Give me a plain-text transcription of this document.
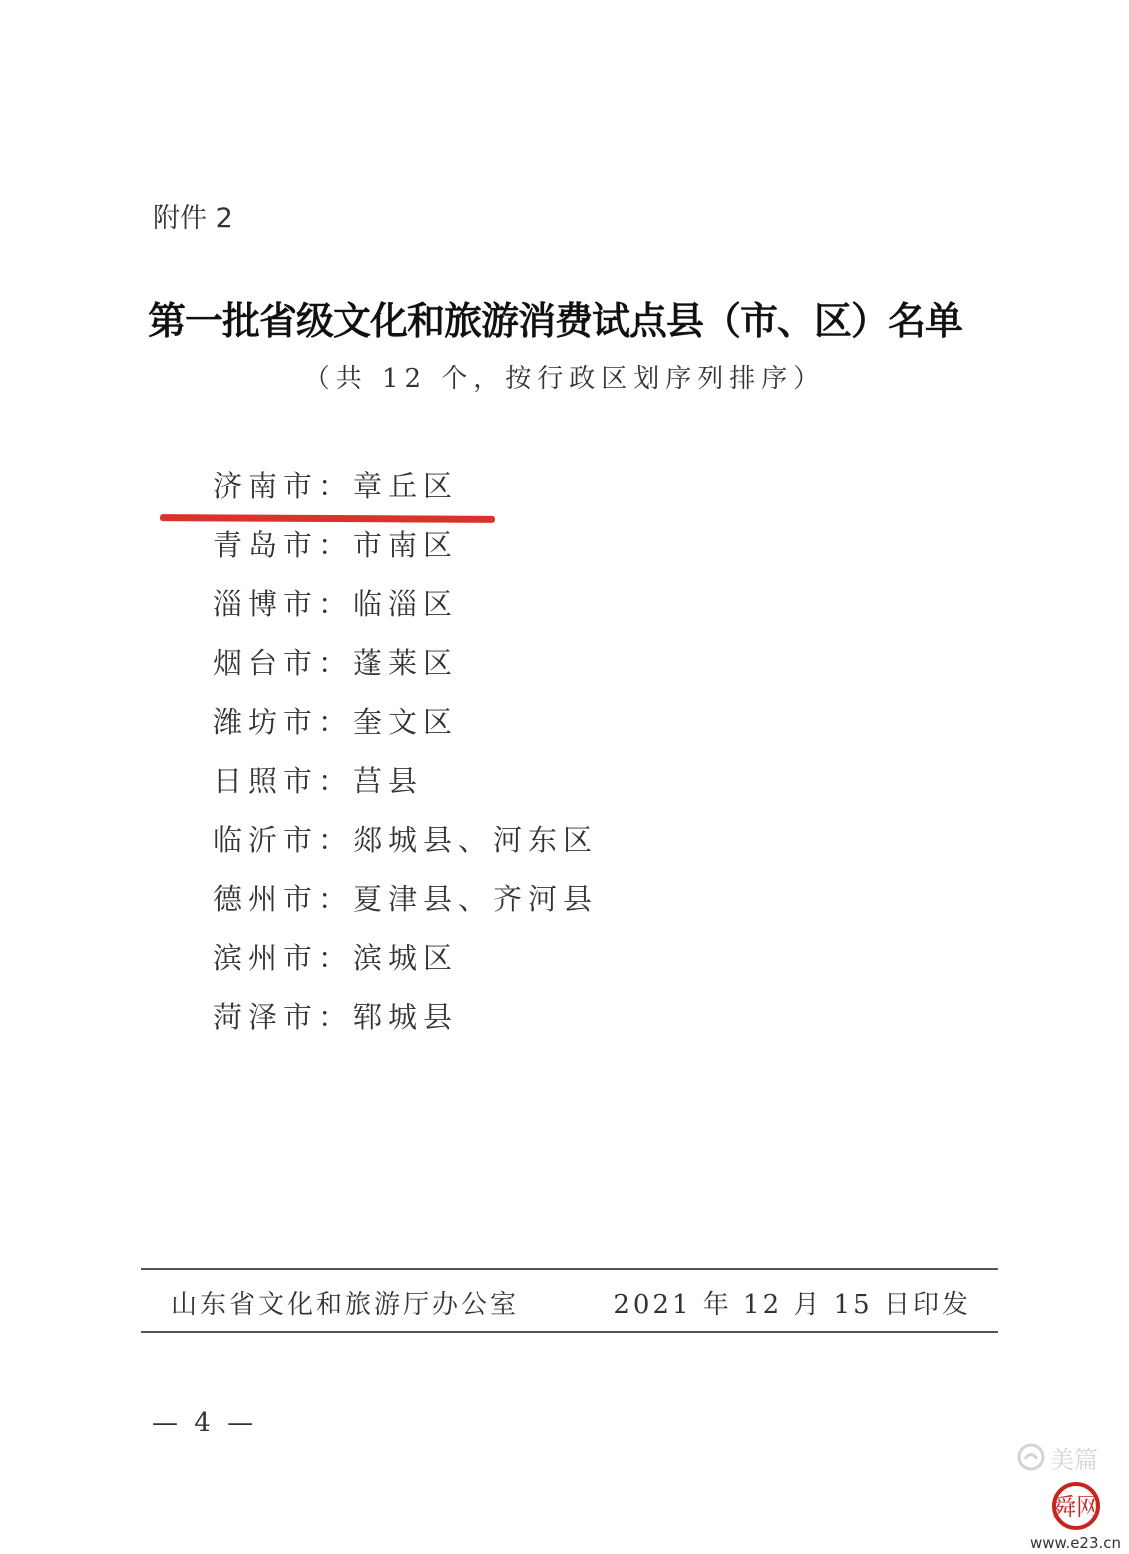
附件 2
第一批省级文化和旅游消费试点县（市、区）名单
（共 12 个，按行政区划序列排序）
济南市：章丘区
青岛市：市南区
淄博市：临淄区
烟台市：蓬莱区
潍坊市：奎文区
日照市：莒县
临沂市：郯城县、河东区
德州市：夏津县、齐河县
滨州市：滨城区
菏泽市：郓城县
山东省文化和旅游厅办公室	2021 年 12 月 15 日印发
— 4 —
美篇
舜网
www.e23.cn
